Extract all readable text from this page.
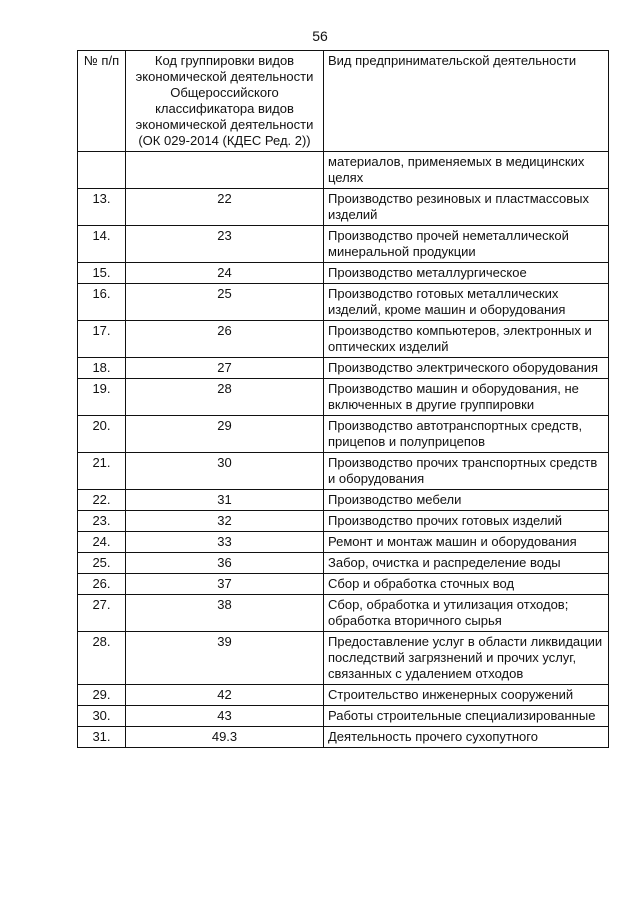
56
№ п/п	Код группировки видов экономической деятельности Общероссийского классификатора видов экономической деятельности (ОК 029-2014 (КДЕС Ред. 2))	Вид предпринимательской деятельности
		материалов, применяемых в медицинских целях
13.	22	Производство резиновых и пластмассовых изделий
14.	23	Производство прочей неметаллической минеральной продукции
15.	24	Производство металлургическое
16.	25	Производство готовых металлических изделий, кроме машин и оборудования
17.	26	Производство компьютеров, электронных и оптических изделий
18.	27	Производство электрического оборудования
19.	28	Производство машин и оборудования, не включенных в другие группировки
20.	29	Производство автотранспортных средств, прицепов и полуприцепов
21.	30	Производство прочих транспортных средств и оборудования
22.	31	Производство мебели
23.	32	Производство прочих готовых изделий
24.	33	Ремонт и монтаж машин и оборудования
25.	36	Забор, очистка и распределение воды
26.	37	Сбор и обработка сточных вод
27.	38	Сбор, обработка и утилизация отходов; обработка вторичного сырья
28.	39	Предоставление услуг в области ликвидации последствий загрязнений и прочих услуг, связанных с удалением отходов
29.	42	Строительство инженерных сооружений
30.	43	Работы строительные специализированные
31.	49.3	Деятельность прочего сухопутного
